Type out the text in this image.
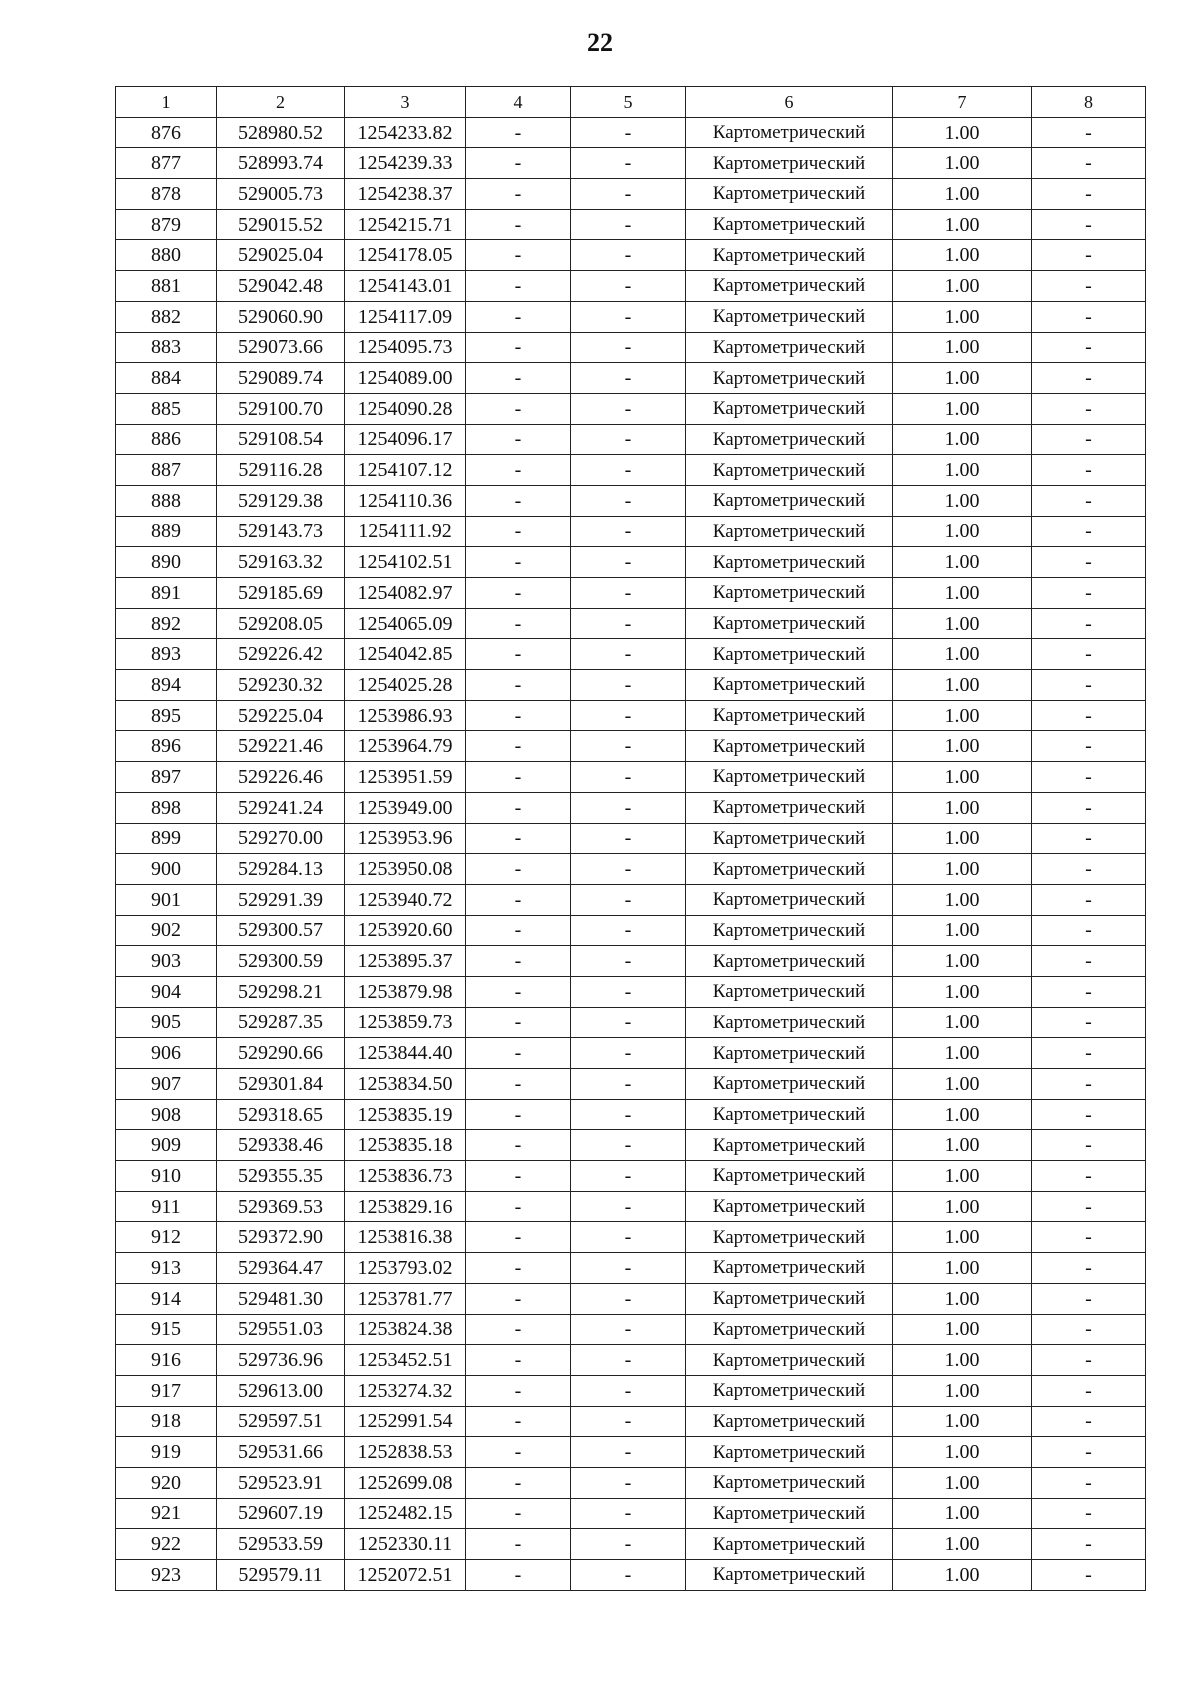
22
1	2	3	4	5	6	7	8
876	528980.52	1254233.82	-	-	Картометрический	1.00	-
877	528993.74	1254239.33	-	-	Картометрический	1.00	-
878	529005.73	1254238.37	-	-	Картометрический	1.00	-
879	529015.52	1254215.71	-	-	Картометрический	1.00	-
880	529025.04	1254178.05	-	-	Картометрический	1.00	-
881	529042.48	1254143.01	-	-	Картометрический	1.00	-
882	529060.90	1254117.09	-	-	Картометрический	1.00	-
883	529073.66	1254095.73	-	-	Картометрический	1.00	-
884	529089.74	1254089.00	-	-	Картометрический	1.00	-
885	529100.70	1254090.28	-	-	Картометрический	1.00	-
886	529108.54	1254096.17	-	-	Картометрический	1.00	-
887	529116.28	1254107.12	-	-	Картометрический	1.00	-
888	529129.38	1254110.36	-	-	Картометрический	1.00	-
889	529143.73	1254111.92	-	-	Картометрический	1.00	-
890	529163.32	1254102.51	-	-	Картометрический	1.00	-
891	529185.69	1254082.97	-	-	Картометрический	1.00	-
892	529208.05	1254065.09	-	-	Картометрический	1.00	-
893	529226.42	1254042.85	-	-	Картометрический	1.00	-
894	529230.32	1254025.28	-	-	Картометрический	1.00	-
895	529225.04	1253986.93	-	-	Картометрический	1.00	-
896	529221.46	1253964.79	-	-	Картометрический	1.00	-
897	529226.46	1253951.59	-	-	Картометрический	1.00	-
898	529241.24	1253949.00	-	-	Картометрический	1.00	-
899	529270.00	1253953.96	-	-	Картометрический	1.00	-
900	529284.13	1253950.08	-	-	Картометрический	1.00	-
901	529291.39	1253940.72	-	-	Картометрический	1.00	-
902	529300.57	1253920.60	-	-	Картометрический	1.00	-
903	529300.59	1253895.37	-	-	Картометрический	1.00	-
904	529298.21	1253879.98	-	-	Картометрический	1.00	-
905	529287.35	1253859.73	-	-	Картометрический	1.00	-
906	529290.66	1253844.40	-	-	Картометрический	1.00	-
907	529301.84	1253834.50	-	-	Картометрический	1.00	-
908	529318.65	1253835.19	-	-	Картометрический	1.00	-
909	529338.46	1253835.18	-	-	Картометрический	1.00	-
910	529355.35	1253836.73	-	-	Картометрический	1.00	-
911	529369.53	1253829.16	-	-	Картометрический	1.00	-
912	529372.90	1253816.38	-	-	Картометрический	1.00	-
913	529364.47	1253793.02	-	-	Картометрический	1.00	-
914	529481.30	1253781.77	-	-	Картометрический	1.00	-
915	529551.03	1253824.38	-	-	Картометрический	1.00	-
916	529736.96	1253452.51	-	-	Картометрический	1.00	-
917	529613.00	1253274.32	-	-	Картометрический	1.00	-
918	529597.51	1252991.54	-	-	Картометрический	1.00	-
919	529531.66	1252838.53	-	-	Картометрический	1.00	-
920	529523.91	1252699.08	-	-	Картометрический	1.00	-
921	529607.19	1252482.15	-	-	Картометрический	1.00	-
922	529533.59	1252330.11	-	-	Картометрический	1.00	-
923	529579.11	1252072.51	-	-	Картометрический	1.00	-
